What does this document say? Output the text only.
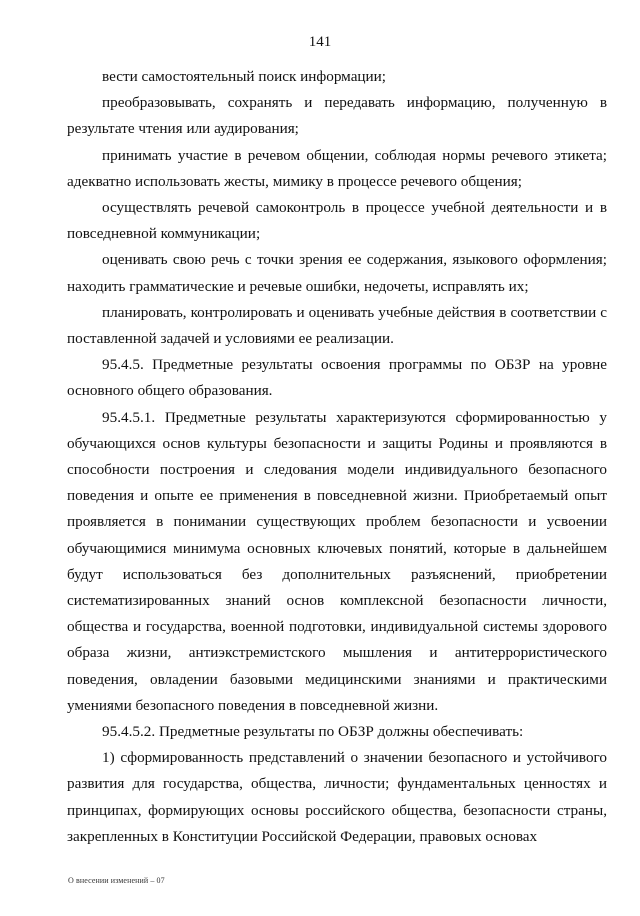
141

вести самостоятельный поиск информации;

преобразовывать, сохранять и передавать информацию, полученную в результате чтения или аудирования;

принимать участие в речевом общении, соблюдая нормы речевого этикета; адекватно использовать жесты, мимику в процессе речевого общения;

осуществлять речевой самоконтроль в процессе учебной деятельности и в повседневной коммуникации;

оценивать свою речь с точки зрения ее содержания, языкового оформления; находить грамматические и речевые ошибки, недочеты, исправлять их;

планировать, контролировать и оценивать учебные действия в соответствии с поставленной задачей и условиями ее реализации.

95.4.5. Предметные результаты освоения программы по ОБЗР на уровне основного общего образования.

95.4.5.1. Предметные результаты характеризуются сформированностью у обучающихся основ культуры безопасности и защиты Родины и проявляются в способности построения и следования модели индивидуального безопасного поведения и опыте ее применения в повседневной жизни. Приобретаемый опыт проявляется в понимании существующих проблем безопасности и усвоении обучающимися минимума основных ключевых понятий, которые в дальнейшем будут использоваться без дополнительных разъяснений, приобретении систематизированных знаний основ комплексной безопасности личности, общества и государства, военной подготовки, индивидуальной системы здорового образа жизни, антиэкстремистского мышления и антитеррористического поведения, овладении базовыми медицинскими знаниями и практическими умениями безопасного поведения в повседневной жизни.

95.4.5.2. Предметные результаты по ОБЗР должны обеспечивать:

1) сформированность представлений о значении безопасного и устойчивого развития для государства, общества, личности; фундаментальных ценностях и принципах, формирующих основы российского общества, безопасности страны, закрепленных в Конституции Российской Федерации, правовых основах

О внесении изменений – 07
